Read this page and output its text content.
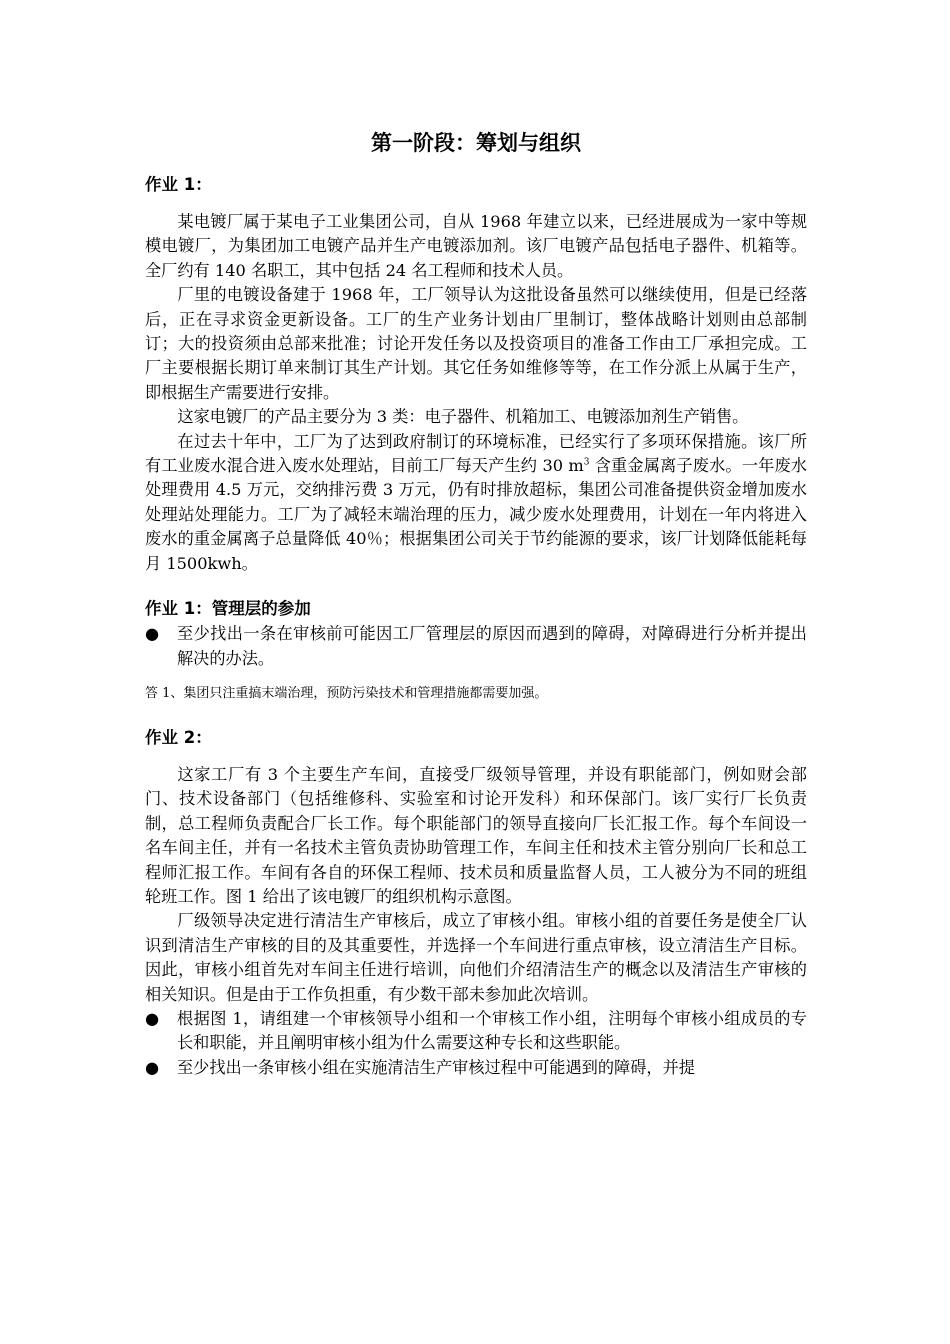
第一阶段：筹划与组织
作业 1：

某电镀厂属于某电子工业集团公司，自从 1968 年建立以来，已经进展成为一家中等规模电镀厂，为集团加工电镀产品并生产电镀添加剂。该厂电镀产品包括电子器件、机箱等。全厂约有 140 名职工，其中包括 24 名工程师和技术人员。

厂里的电镀设备建于 1968 年，工厂领导认为这批设备虽然可以继续使用，但是已经落后，正在寻求资金更新设备。工厂的生产业务计划由厂里制订，整体战略计划则由总部制订；大的投资须由总部来批准；讨论开发任务以及投资项目的准备工作由工厂承担完成。工厂主要根据长期订单来制订其生产计划。其它任务如维修等等，在工作分派上从属于生产，即根据生产需要进行安排。

这家电镀厂的产品主要分为 3 类：电子器件、机箱加工、电镀添加剂生产销售。

在过去十年中，工厂为了达到政府制订的环境标准，已经实行了多项环保措施。该厂所有工业废水混合进入废水处理站，目前工厂每天产生约 30 $m^3$ 含重金属离子废水。一年废水处理费用 4.5 万元，交纳排污费 3 万元，仍有时排放超标，集团公司准备提供资金增加废水处理站处理能力。工厂为了减轻末端治理的压力，减少废水处理费用，计划在一年内将进入废水的重金属离子总量降低 40％；根据集团公司关于节约能源的要求，该厂计划降低能耗每月 1500kwh。

作业 1：管理层的参加

● 至少找出一条在审核前可能因工厂管理层的原因而遇到的障碍，对障碍进行分析并提出解决的办法。

答 1、集团只注重搞末端治理，预防污染技术和管理措施都需要加强。

作业 2：

这家工厂有 3 个主要生产车间，直接受厂级领导管理，并设有职能部门，例如财会部门、技术设备部门（包括维修科、实验室和讨论开发科）和环保部门。该厂实行厂长负责制，总工程师负责配合厂长工作。每个职能部门的领导直接向厂长汇报工作。每个车间设一名车间主任，并有一名技术主管负责协助管理工作，车间主任和技术主管分别向厂长和总工程师汇报工作。车间有各自的环保工程师、技术员和质量监督人员，工人被分为不同的班组轮班工作。图 1 给出了该电镀厂的组织机构示意图。

厂级领导决定进行清洁生产审核后，成立了审核小组。审核小组的首要任务是使全厂认识到清洁生产审核的目的及其重要性，并选择一个车间进行重点审核，设立清洁生产目标。因此，审核小组首先对车间主任进行培训，向他们介绍清洁生产的概念以及清洁生产审核的相关知识。但是由于工作负担重，有少数干部未参加此次培训。

● 根据图 1，请组建一个审核领导小组和一个审核工作小组，注明每个审核小组成员的专长和职能，并且阐明审核小组为什么需要这种专长和这些职能。

● 至少找出一条审核小组在实施清洁生产审核过程中可能遇到的障碍，并提
